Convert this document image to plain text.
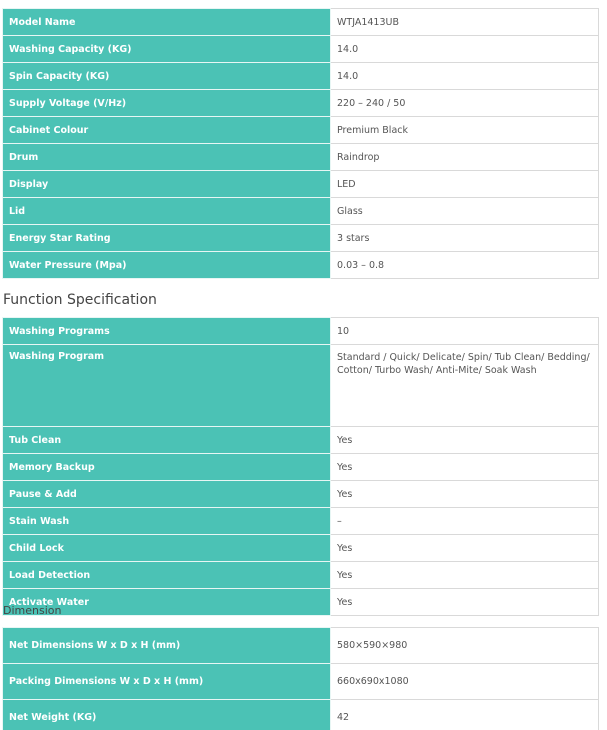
Model Name	WTJA1413UB
Washing Capacity (KG)	14.0
Spin Capacity (KG)	14.0
Supply Voltage (V/Hz)	220 – 240 / 50
Cabinet Colour	Premium Black
Drum	Raindrop
Display	LED
Lid	Glass
Energy Star Rating	3 stars
Water Pressure (Mpa)	0.03 – 0.8
Function Specification
Washing Programs	10
Washing Program	Standard / Quick/ Delicate/ Spin/ Tub Clean/ Bedding/ Cotton/ Turbo Wash/ Anti-Mite/ Soak Wash
Tub Clean	Yes
Memory Backup	Yes
Pause & Add	Yes
Stain Wash	–
Child Lock	Yes
Load Detection	Yes
Activate Water	Yes
Dimension
Net Dimensions W x D x H (mm)	580×590×980
Packing Dimensions W x D x H (mm)	660x690x1080
Net Weight (KG)	42
